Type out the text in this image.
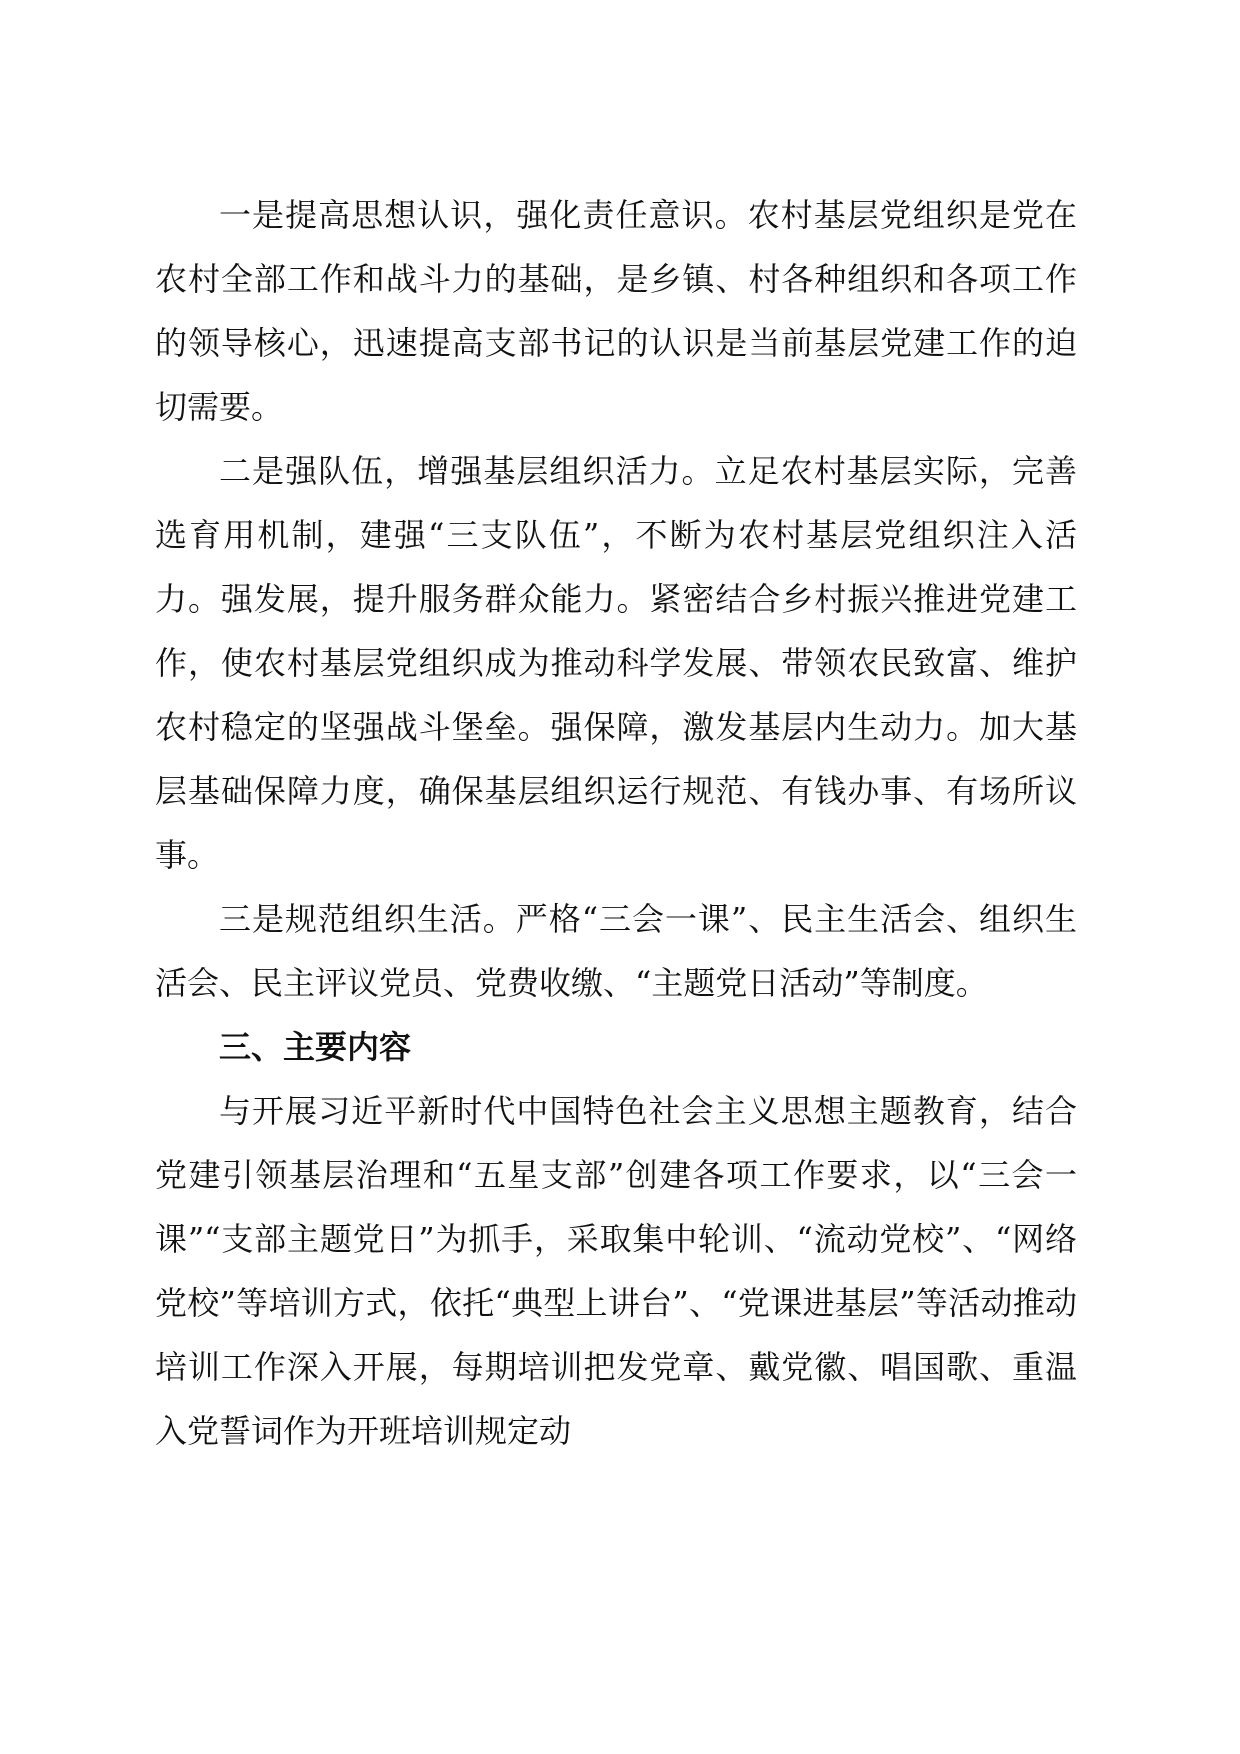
一是提高思想认识，强化责任意识。农村基层党组织是党在农村全部工作和战斗力的基础，是乡镇、村各种组织和各项工作的领导核心，迅速提高支部书记的认识是当前基层党建工作的迫切需要。

二是强队伍，增强基层组织活力。立足农村基层实际，完善选育用机制，建强“三支队伍”，不断为农村基层党组织注入活力。强发展，提升服务群众能力。紧密结合乡村振兴推进党建工作，使农村基层党组织成为推动科学发展、带领农民致富、维护农村稳定的坚强战斗堡垒。强保障，激发基层内生动力。加大基层基础保障力度，确保基层组织运行规范、有钱办事、有场所议事。

三是规范组织生活。严格“三会一课”、民主生活会、组织生活会、民主评议党员、党费收缴、“主题党日活动”等制度。

三、主要内容

与开展习近平新时代中国特色社会主义思想主题教育，结合党建引领基层治理和“五星支部”创建各项工作要求，以“三会一课”“支部主题党日”为抓手，采取集中轮训、“流动党校”、“网络党校”等培训方式，依托“典型上讲台”、“党课进基层”等活动推动培训工作深入开展，每期培训把发党章、戴党徽、唱国歌、重温入党誓词作为开班培训规定动
